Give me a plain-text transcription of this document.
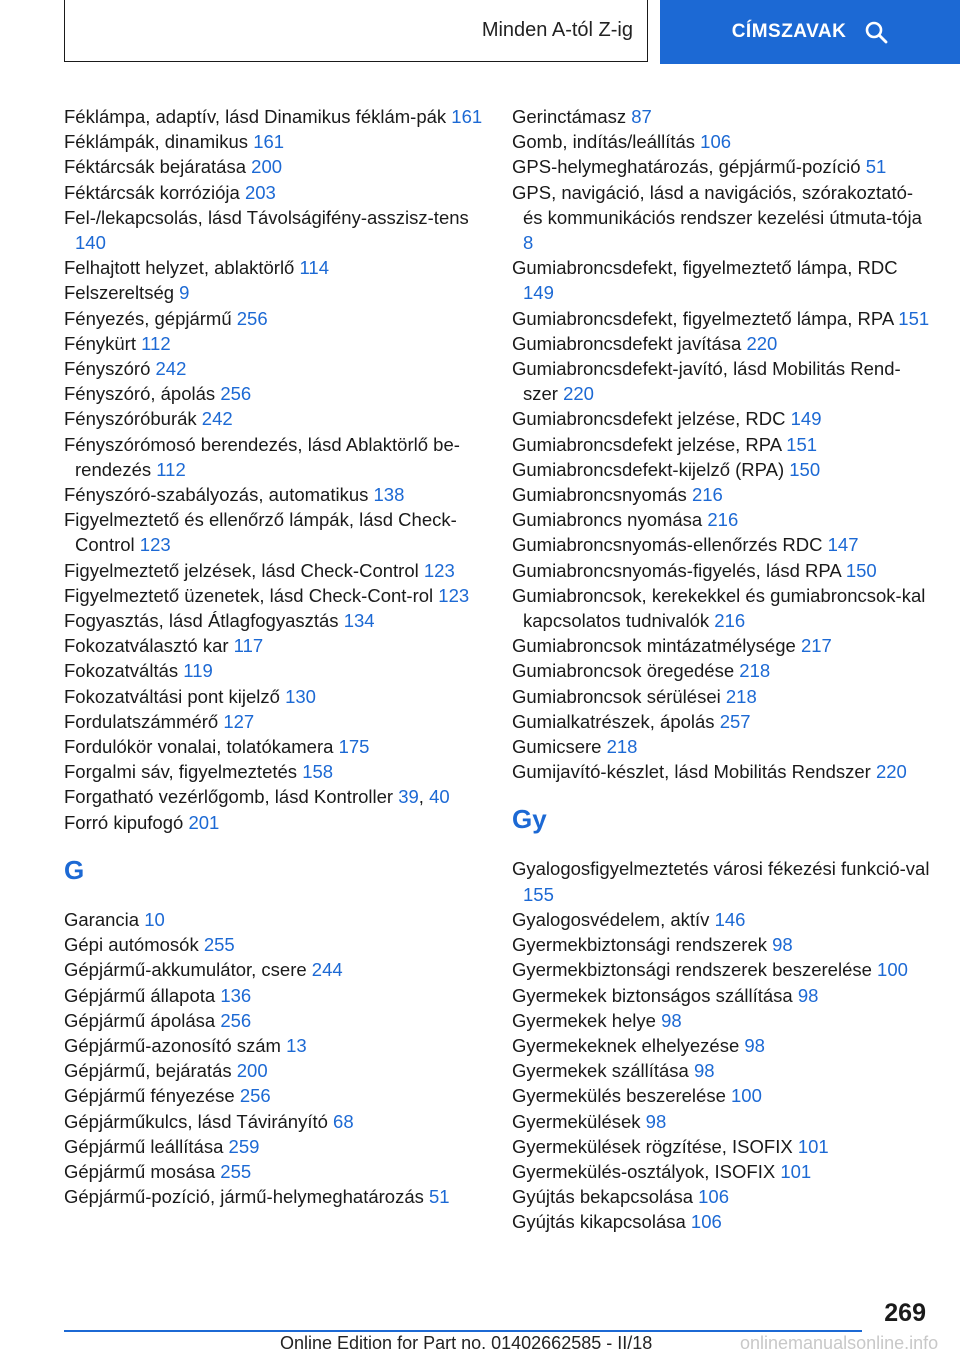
Minden A-tól Z-ig	CÍMSZAVAK
Féklámpa, adaptív, lásd Dinamikus féklám‐pák 161
Féklámpák, dinamikus 161
Féktárcsák bejáratása 200
Féktárcsák korróziója 203
Fel-/lekapcsolás, lásd Távolságifény-asszisz‐tens 140
Felhajtott helyzet, ablaktörlő 114
Felszereltség 9
Fényezés, gépjármű 256
Fénykürt 112
Fényszóró 242
Fényszóró, ápolás 256
Fényszóróburák 242
Fényszórómosó berendezés, lásd Ablaktörlő be‐rendezés 112
Fényszóró-szabályozás, automatikus 138
Figyelmeztető és ellenőrző lámpák, lásd Check-Control 123
Figyelmeztető jelzések, lásd Check-Control 123
Figyelmeztető üzenetek, lásd Check-Cont‐rol 123
Fogyasztás, lásd Átlagfogyasztás 134
Fokozatválasztó kar 117
Fokozatváltás 119
Fokozatváltási pont kijelző 130
Fordulatszámmérő 127
Fordulókör vonalai, tolatókamera 175
Forgalmi sáv, figyelmeztetés 158
Forgatható vezérlőgomb, lásd Kontroller 39, 40
Forró kipufogó 201
G
Garancia 10
Gépi autómosók 255
Gépjármű-akkumulátor, csere 244
Gépjármű állapota 136
Gépjármű ápolása 256
Gépjármű-azonosító szám 13
Gépjármű, bejáratás 200
Gépjármű fényezése 256
Gépjárműkulcs, lásd Távirányító 68
Gépjármű leállítása 259
Gépjármű mosása 255
Gépjármű-pozíció, jármű-helymeghatározás 51
Gerinctámasz 87
Gomb, indítás/leállítás 106
GPS-helymeghatározás, gépjármű-pozíció 51
GPS, navigáció, lásd a navigációs, szórakoztató- és kommunikációs rendszer kezelési útmuta‐tója 8
Gumiabroncsdefekt, figyelmeztető lámpa, RDC 149
Gumiabroncsdefekt, figyelmeztető lámpa, RPA 151
Gumiabroncsdefekt javítása 220
Gumiabroncsdefekt-javító, lásd Mobilitás Rend‐szer 220
Gumiabroncsdefekt jelzése, RDC 149
Gumiabroncsdefekt jelzése, RPA 151
Gumiabroncsdefekt-kijelző (RPA) 150
Gumiabroncsnyomás 216
Gumiabroncs nyomása 216
Gumiabroncsnyomás-ellenőrzés RDC 147
Gumiabroncsnyomás-figyelés, lásd RPA 150
Gumiabroncsok, kerekekkel és gumiabroncsok‐kal kapcsolatos tudnivalók 216
Gumiabroncsok mintázatmélysége 217
Gumiabroncsok öregedése 218
Gumiabroncsok sérülései 218
Gumialkatrészek, ápolás 257
Gumicsere 218
Gumijavító-készlet, lásd Mobilitás Rendszer 220
Gy
Gyalogosfigyelmeztetés városi fékezési funkció‐val 155
Gyalogosvédelem, aktív 146
Gyermekbiztonsági rendszerek 98
Gyermekbiztonsági rendszerek beszerelése 100
Gyermekek biztonságos szállítása 98
Gyermekek helye 98
Gyermekeknek elhelyezése 98
Gyermekek szállítása 98
Gyermekülés beszerelése 100
Gyermekülések 98
Gyermekülések rögzítése, ISOFIX 101
Gyermekülés-osztályok, ISOFIX 101
Gyújtás bekapcsolása 106
Gyújtás kikapcsolása 106
269
Online Edition for Part no. 01402662585 - II/18	onlinemanualsonline.info
